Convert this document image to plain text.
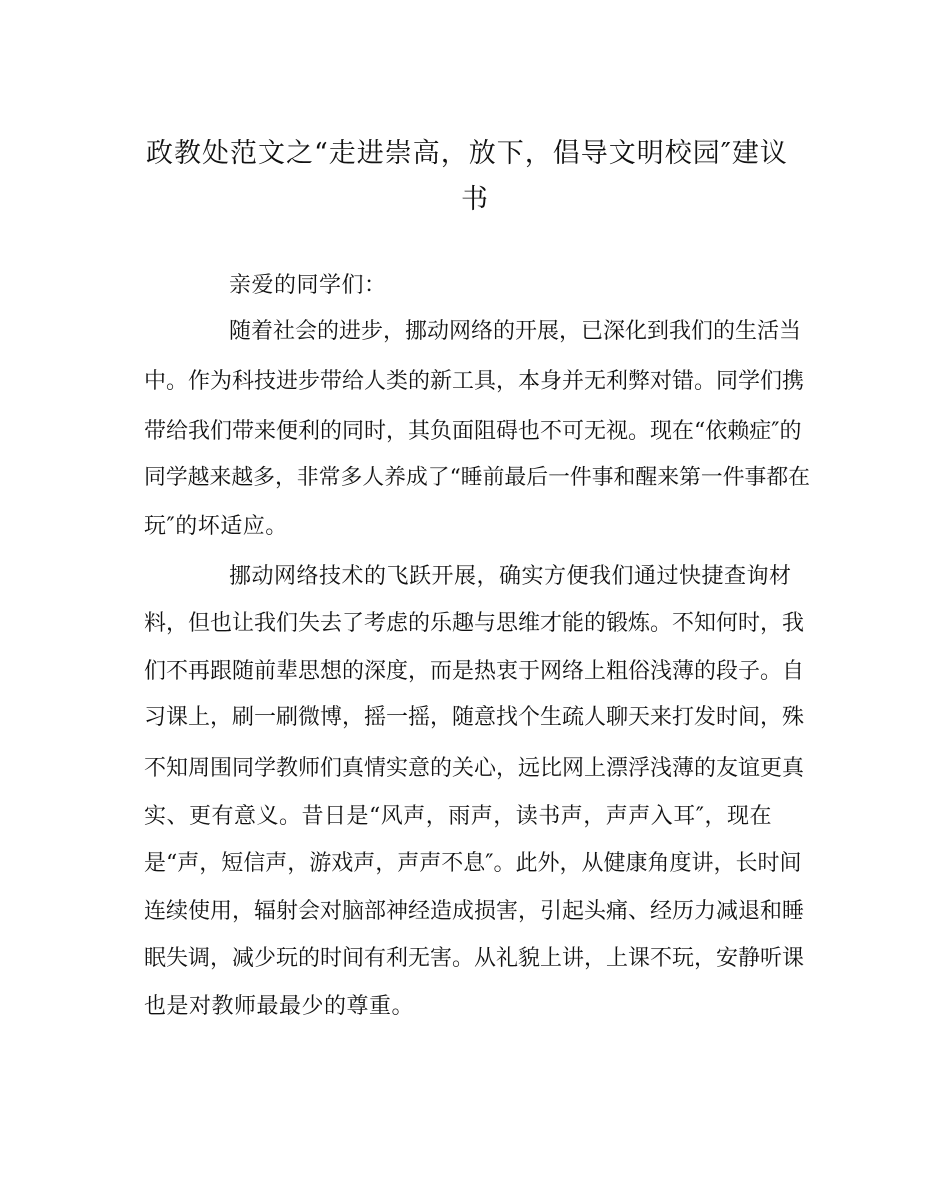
政教处范文之“走进崇高，放下，倡导文明校园″建议
书
亲爱的同学们：
随着社会的进步，挪动网络的开展，已深化到我们的生活当
中。作为科技进步带给人类的新工具，本身并无利弊对错。同学们携
带给我们带来便利的同时，其负面阻碍也不可无视。现在“依赖症″的
同学越来越多，非常多人养成了“睡前最后一件事和醒来第一件事都在
玩″的坏适应。
挪动网络技术的飞跃开展，确实方便我们通过快捷查询材
料，但也让我们失去了考虑的乐趣与思维才能的锻炼。不知何时，我
们不再跟随前辈思想的深度，而是热衷于网络上粗俗浅薄的段子。自
习课上，刷一刷微博，摇一摇，随意找个生疏人聊天来打发时间，殊
不知周围同学教师们真情实意的关心，远比网上漂浮浅薄的友谊更真
实、更有意义。昔日是“风声，雨声，读书声，声声入耳″，现在
是“声，短信声，游戏声，声声不息″。此外，从健康角度讲，长时间
连续使用，辐射会对脑部神经造成损害，引起头痛、经历力减退和睡
眠失调，减少玩的时间有利无害。从礼貌上讲，上课不玩，安静听课
也是对教师最最少的尊重。
